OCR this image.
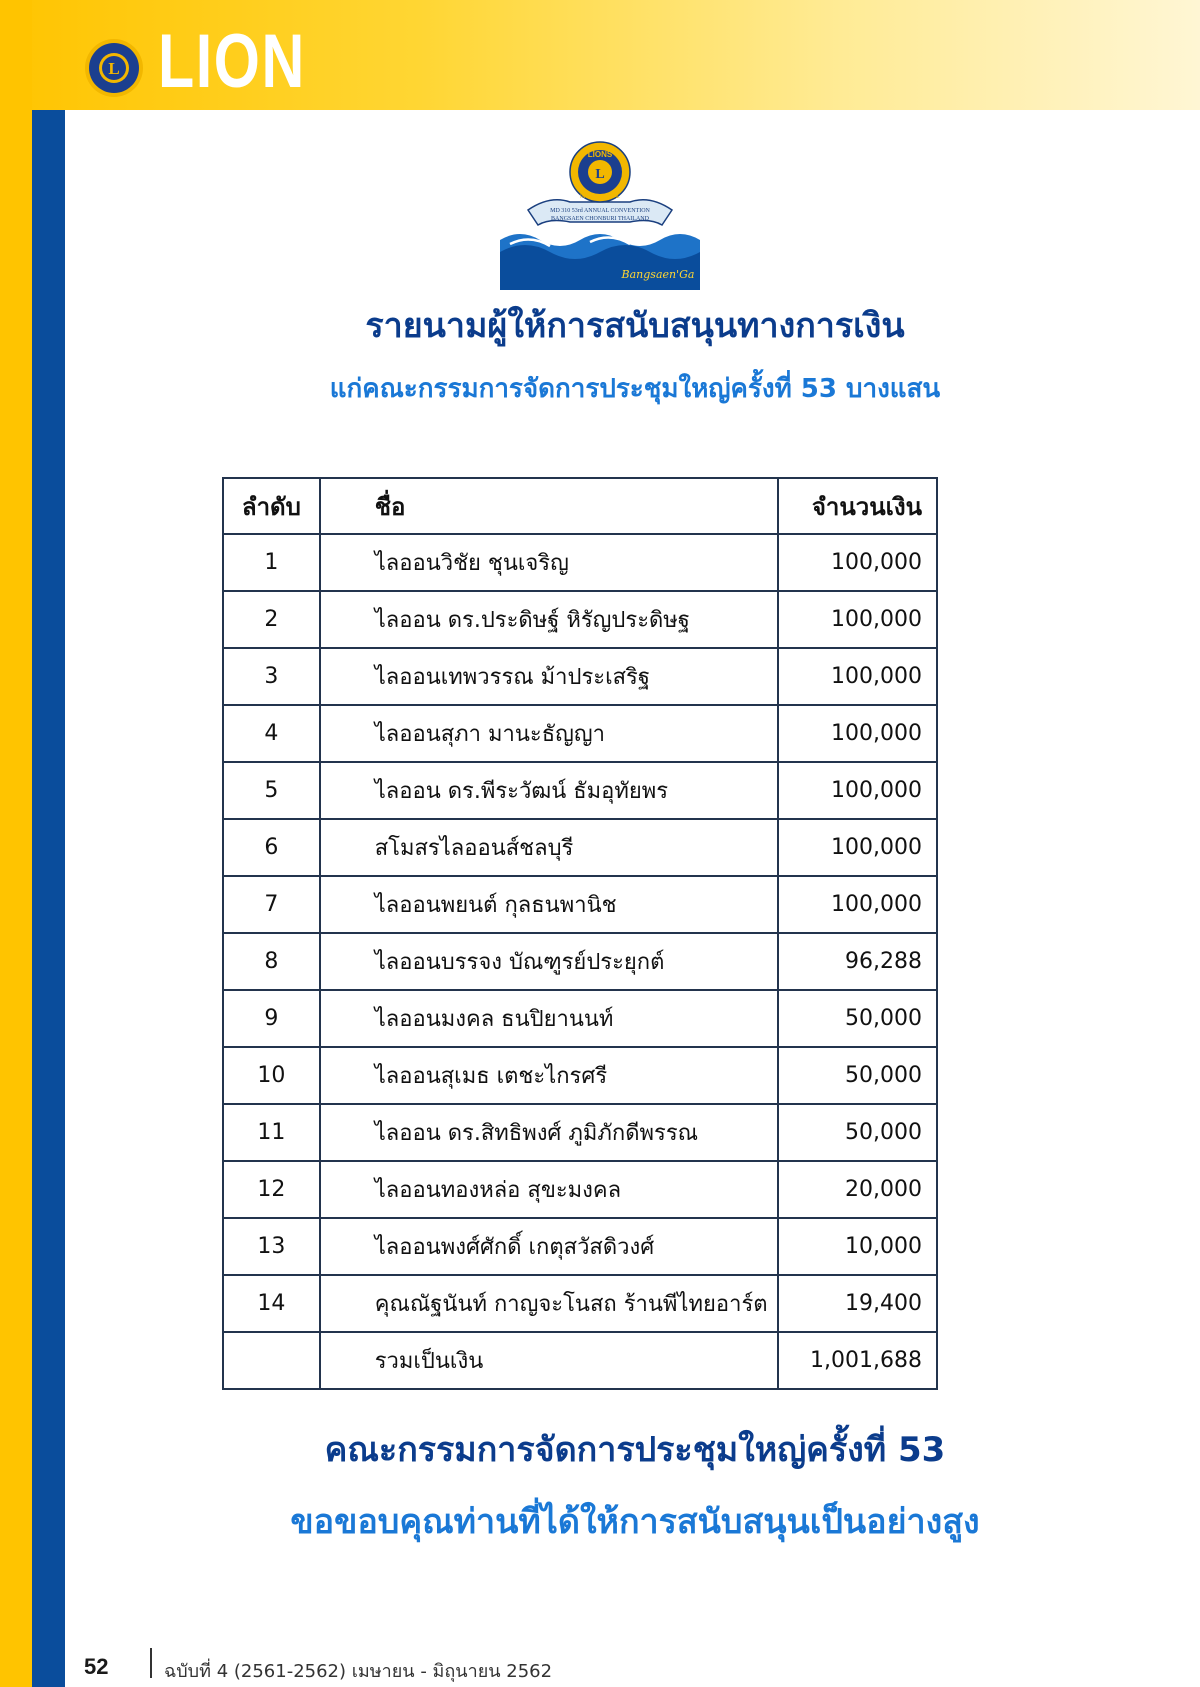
L LION
L
LIONS
INTERNATIONAL
MD 310 53rd ANNUAL CONVENTION
BANGSAEN CHONBURI THAILAND
Bangsaen'Ga
รายนามผู้ให้การสนับสนุนทางการเงิน
แก่คณะกรรมการจัดการประชุมใหญ่ครั้งที่ 53 บางแสน
ลำดับ	ชื่อ	จำนวนเงิน
1	ไลออนวิชัย ชุนเจริญ	100,000
2	ไลออน ดร.ประดิษฐ์ หิรัญประดิษฐ	100,000
3	ไลออนเทพวรรณ ม้าประเสริฐ	100,000
4	ไลออนสุภา มานะธัญญา	100,000
5	ไลออน ดร.พีระวัฒน์ ธัมอุทัยพร	100,000
6	สโมสรไลออนส์ชลบุรี	100,000
7	ไลออนพยนต์ กุลธนพานิช	100,000
8	ไลออนบรรจง บัณฑูรย์ประยุกต์	96,288
9	ไลออนมงคล ธนปิยานนท์	50,000
10	ไลออนสุเมธ เตชะไกรศรี	50,000
11	ไลออน ดร.สิทธิพงศ์ ภูมิภักดีพรรณ	50,000
12	ไลออนทองหล่อ สุขะมงคล	20,000
13	ไลออนพงศ์ศักดิ์ เกตุสวัสดิวงศ์	10,000
14	คุณณัฐนันท์ กาญจะโนสถ ร้านพีไทยอาร์ต	19,400
	รวมเป็นเงิน	1,001,688
คณะกรรมการจัดการประชุมใหญ่ครั้งที่ 53
ขอขอบคุณท่านที่ได้ให้การสนับสนุนเป็นอย่างสูง
52	ฉบับที่ 4 (2561-2562) เมษายน - มิถุนายน 2562
